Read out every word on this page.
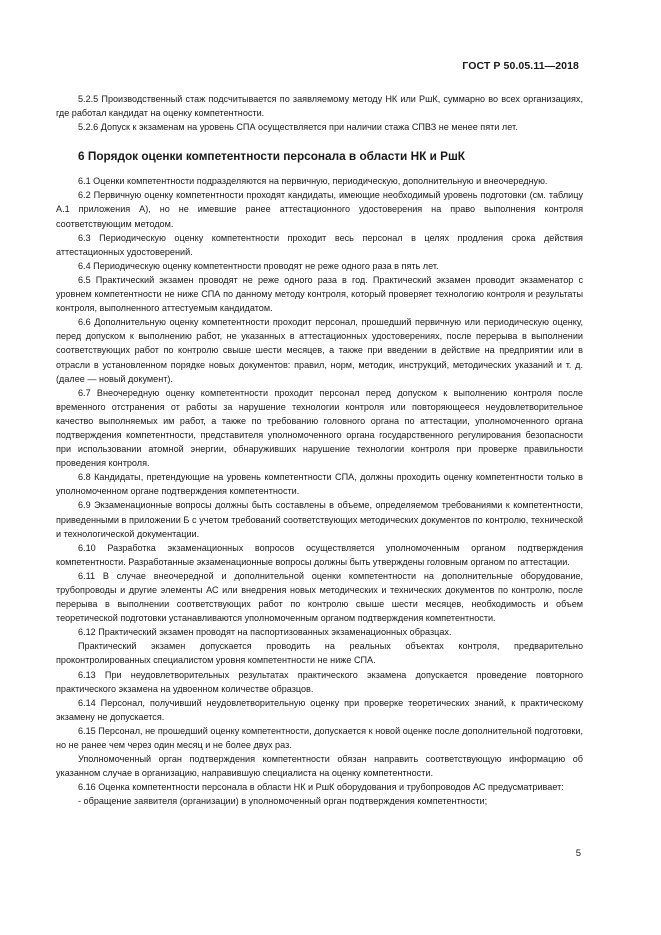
ГОСТ Р 50.05.11—2018

5.2.5 Производственный стаж подсчитывается по заявляемому методу НК или РшК, суммарно во всех организациях, где работал кандидат на оценку компетентности.

5.2.6 Допуск к экзаменам на уровень СПА осуществляется при наличии стажа СПВЗ не менее пяти лет.

6 Порядок оценки компетентности персонала в области НК и РшК

6.1 Оценки компетентности подразделяются на первичную, периодическую, дополнительную и внеочередную.

6.2 Первичную оценку компетентности проходят кандидаты, имеющие необходимый уровень подготовки (см. таблицу А.1 приложения А), но не имевшие ранее аттестационного удостоверения на право выполнения контроля соответствующим методом.

6.3 Периодическую оценку компетентности проходит весь персонал в целях продления срока действия аттестационных удостоверений.

6.4 Периодическую оценку компетентности проводят не реже одного раза в пять лет.

6.5 Практический экзамен проводят не реже одного раза в год. Практический экзамен проводит экзаменатор с уровнем компетентности не ниже СПА по данному методу контроля, который проверяет технологию контроля и результаты контроля, выполненного аттестуемым кандидатом.

6.6 Дополнительную оценку компетентности проходит персонал, прошедший первичную или периодическую оценку, перед допуском к выполнению работ, не указанных в аттестационных удостоверениях, после перерыва в выполнении соответствующих работ по контролю свыше шести месяцев, а также при введении в действие на предприятии или в отрасли в установленном порядке новых документов: правил, норм, методик, инструкций, методических указаний и т. д. (далее — новый документ).

6.7 Внеочередную оценку компетентности проходит персонал перед допуском к выполнению контроля после временного отстранения от работы за нарушение технологии контроля или повторяющееся неудовлетворительное качество выполняемых им работ, а также по требованию головного органа по аттестации, уполномоченного органа подтверждения компетентности, представителя уполномоченного органа государственного регулирования безопасности при использовании атомной энергии, обнаруживших нарушение технологии контроля при проверке правильности проведения контроля.

6.8 Кандидаты, претендующие на уровень компетентности СПА, должны проходить оценку компетентности только в уполномоченном органе подтверждения компетентности.

6.9 Экзаменационные вопросы должны быть составлены в объеме, определяемом требованиями к компетентности, приведенными в приложении Б с учетом требований соответствующих методических документов по контролю, технической и технологической документации.

6.10 Разработка экзаменационных вопросов осуществляется уполномоченным органом подтверждения компетентности. Разработанные экзаменационные вопросы должны быть утверждены головным органом по аттестации.

6.11 В случае внеочередной и дополнительной оценки компетентности на дополнительные оборудование, трубопроводы и другие элементы АС или внедрения новых методических и технических документов по контролю, после перерыва в выполнении соответствующих работ по контролю свыше шести месяцев, необходимость и объем теоретической подготовки устанавливаются уполномоченным органом подтверждения компетентности.

6.12 Практический экзамен проводят на паспортизованных экзаменационных образцах.

Практический экзамен допускается проводить на реальных объектах контроля, предварительно проконтролированных специалистом уровня компетентности не ниже СПА.

6.13 При неудовлетворительных результатах практического экзамена допускается проведение повторного практического экзамена на удвоенном количестве образцов.

6.14 Персонал, получивший неудовлетворительную оценку при проверке теоретических знаний, к практическому экзамену не допускается.

6.15 Персонал, не прошедший оценку компетентности, допускается к новой оценке после дополнительной подготовки, но не ранее чем через один месяц и не более двух раз.

Уполномоченный орган подтверждения компетентности обязан направить соответствующую информацию об указанном случае в организацию, направившую специалиста на оценку компетентности.

6.16 Оценка компетентности персонала в области НК и РшК оборудования и трубопроводов АС предусматривает:

- обращение заявителя (организации) в уполномоченный орган подтверждения компетентности;

5
